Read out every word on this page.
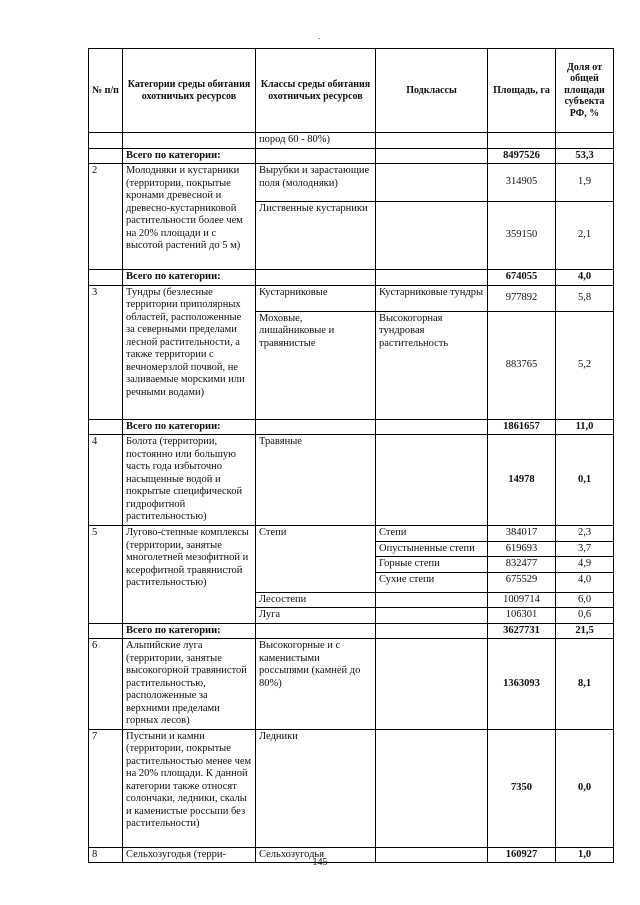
№ п/п	Категории среды обитания охотничьих ресурсов	Классы среды обитания охотничьих ресурсов	Подклассы	Площадь, га	Доля от общей площади субъекта РФ, %
		пород 60 - 80%)			
	Всего по категории:			8497526	53,3
2	Молодняки и кустарники (территории, покрытые кронами древесной и древесно-кустарниковой растительности более чем на 20% площади и с высотой растений до 5 м)	Вырубки и зарастающие поля (молодняки)		314905	1,9
		Лиственные кустарники		359150	2,1
	Всего по категории:			674055	4,0
3	Тундры (безлесные территории приполярных областей, расположенные за северными пределами лесной растительности, а также территории с вечномерзлой почвой, не заливаемые морскими или речными водами)	Кустарниковые	Кустарниковые тундры	977892	5,8
		Моховые, лишайниковые и травянистые	Высокогорная тундровая растительность	883765	5,2
	Всего по категории:			1861657	11,0
4	Болота (территории, постоянно или большую часть года избыточно насыщенные водой и покрытые специфической гидрофитной растительностью)	Травяные		14978	0,1
5	Лугово-степные комплексы (территории, занятые многолетней мезофитной и ксерофитной травянистой растительностью)	Степи	Степи	384017	2,3
			Опустыненные степи	619693	3,7
			Горные степи	832477	4,9
			Сухие степи	675529	4,0
		Лесостепи		1009714	6,0
		Луга		106301	0,6
	Всего по категории:			3627731	21,5
6	Альпийские луга (территории, занятые высокогорной травянистой растительностью, расположенные за верхними пределами горных лесов)	Высокогорные и с каменистыми россыпями (камней до 80%)		1363093	8,1
7	Пустыни и камни (территории, покрытые растительностью менее чем на 20% площади. К данной категории также относят солончаки, ледники, скалы и каменистые россыпи без растительности)	Ледники		7350	0,0
8	Сельхозугодья (терри-	Сельхозугодья		160927	1,0
145
